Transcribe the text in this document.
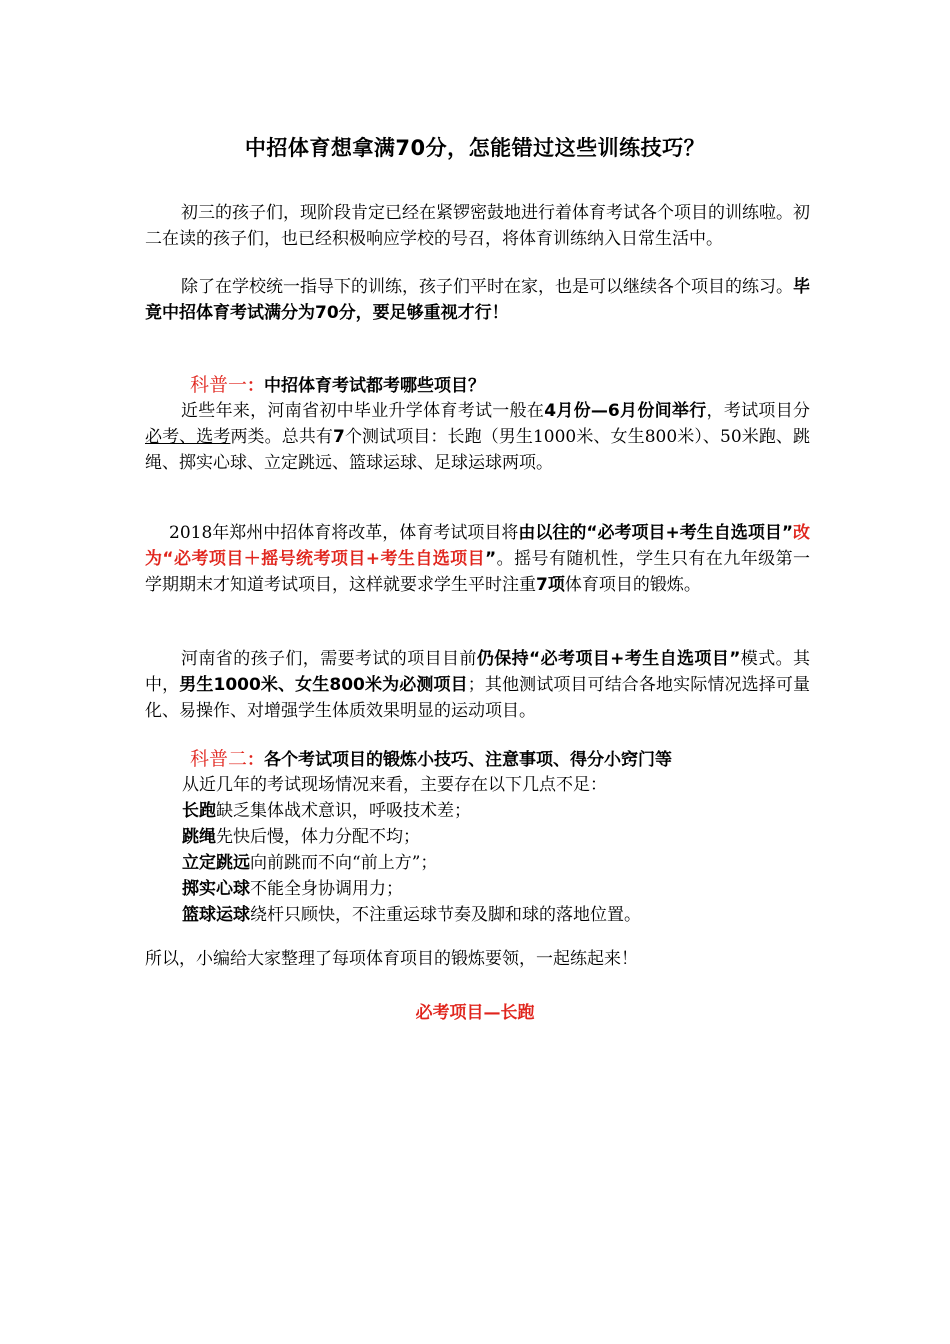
中招体育想拿满70分，怎能错过这些训练技巧？

初三的孩子们，现阶段肯定已经在紧锣密鼓地进行着体育考试各个项目的训练啦。初二在读的孩子们，也已经积极响应学校的号召，将体育训练纳入日常生活中。

除了在学校统一指导下的训练，孩子们平时在家，也是可以继续各个项目的练习。毕竟中招体育考试满分为70分，要足够重视才行！

科普一：中招体育考试都考哪些项目？

近些年来，河南省初中毕业升学体育考试一般在4月份—6月份间举行，考试项目分必考、选考两类。总共有7个测试项目：长跑（男生1000米、女生800米）、50米跑、跳绳、掷实心球、立定跳远、篮球运球、足球运球两项。

2018年郑州中招体育将改革，体育考试项目将由以往的“必考项目+考生自选项目”改为“必考项目＋摇号统考项目+考生自选项目”。摇号有随机性，学生只有在九年级第一学期期末才知道考试项目，这样就要求学生平时注重7项体育项目的锻炼。

河南省的孩子们，需要考试的项目目前仍保持“必考项目+考生自选项目”模式。其中，男生1000米、女生800米为必测项目；其他测试项目可结合各地实际情况选择可量化、易操作、对增强学生体质效果明显的运动项目。

科普二：各个考试项目的锻炼小技巧、注意事项、得分小窍门等
从近几年的考试现场情况来看，主要存在以下几点不足：
长跑缺乏集体战术意识，呼吸技术差；
跳绳先快后慢，体力分配不均；
立定跳远向前跳而不向“前上方”；
掷实心球不能全身协调用力；
篮球运球绕杆只顾快，不注重运球节奏及脚和球的落地位置。

所以，小编给大家整理了每项体育项目的锻炼要领，一起练起来！

必考项目—长跑
